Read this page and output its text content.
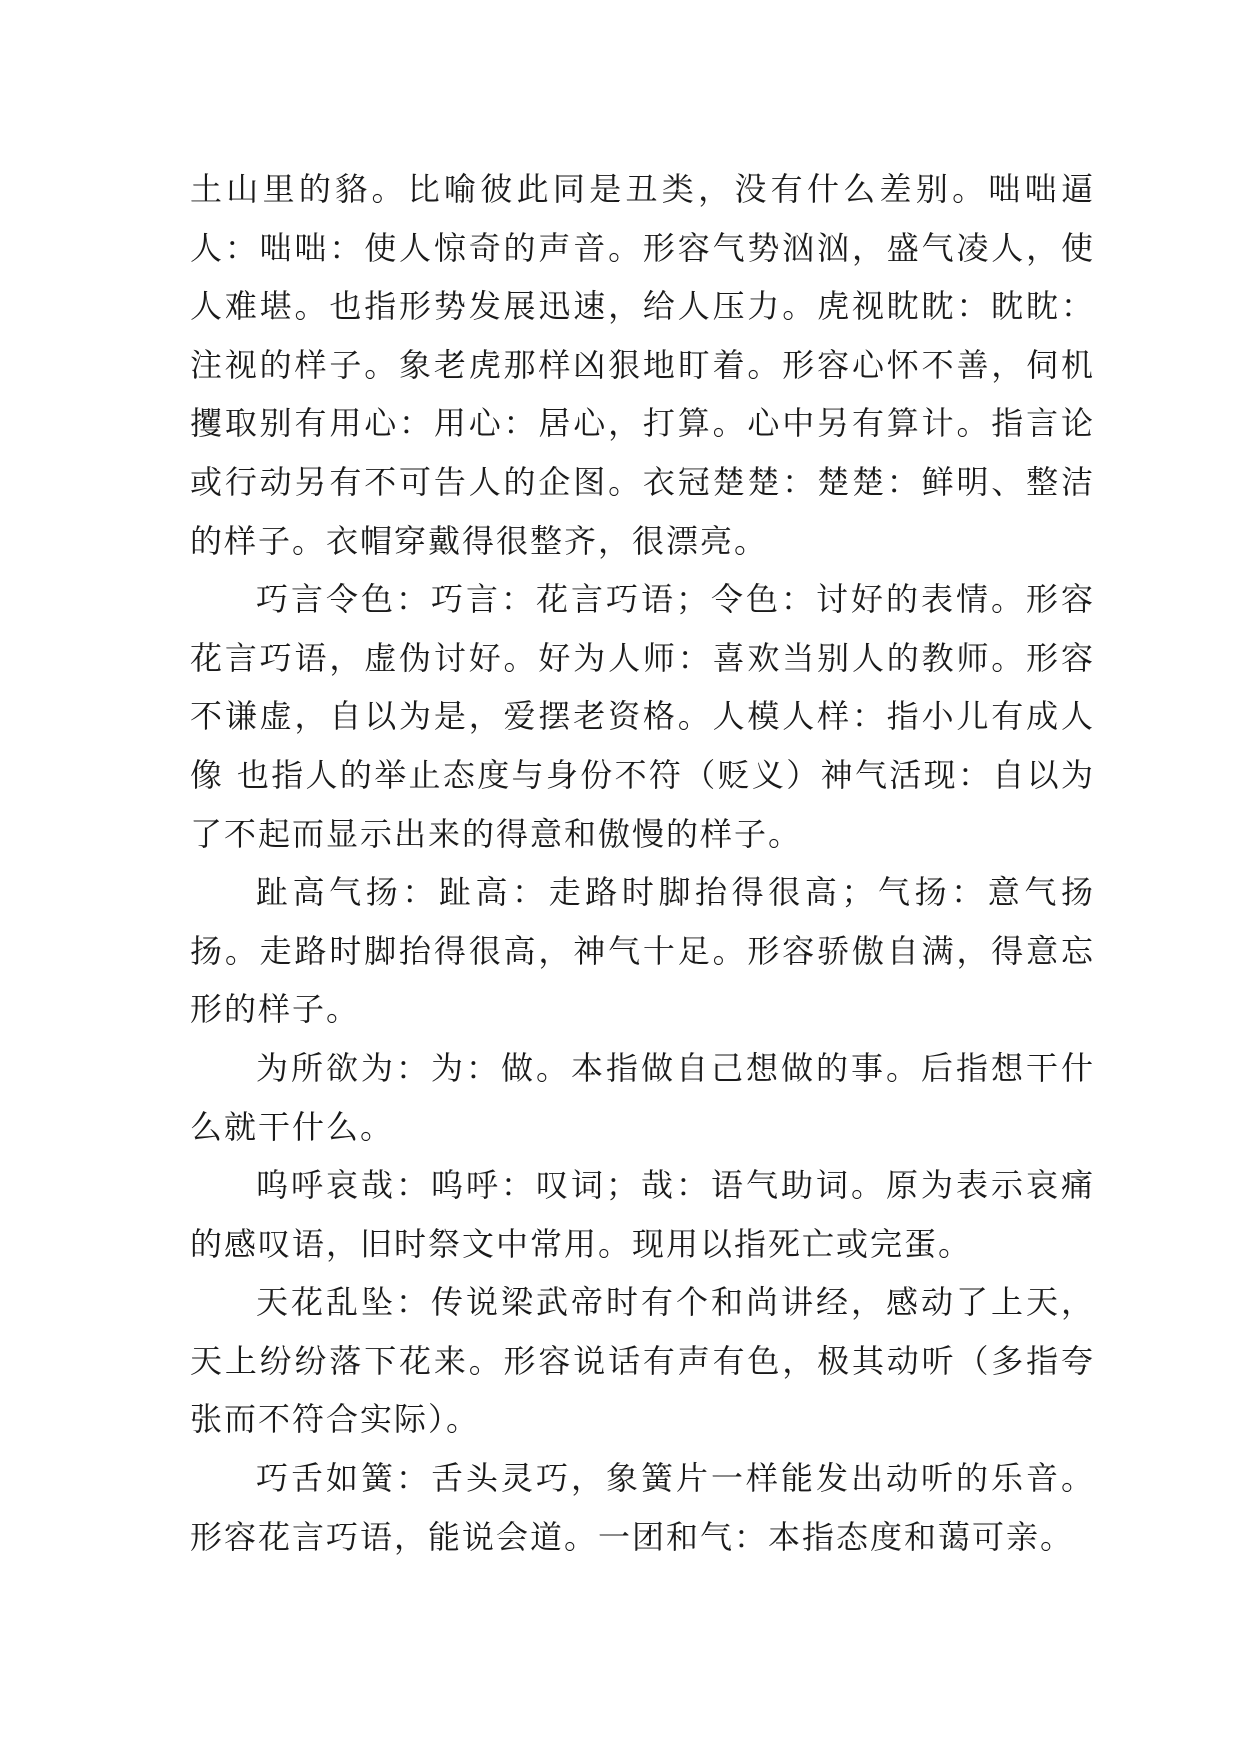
土山里的貉。比喻彼此同是丑类，没有什么差别。咄咄逼人：咄咄：使人惊奇的声音。形容气势汹汹，盛气凌人，使人难堪。也指形势发展迅速，给人压力。虎视眈眈：眈眈：注视的样子。象老虎那样凶狠地盯着。形容心怀不善，伺机攫取别有用心：用心：居心，打算。心中另有算计。指言论或行动另有不可告人的企图。衣冠楚楚：楚楚：鲜明、整洁的样子。衣帽穿戴得很整齐，很漂亮。

巧言令色：巧言：花言巧语；令色：讨好的表情。形容花言巧语，虚伪讨好。好为人师：喜欢当别人的教师。形容不谦虚，自以为是，爱摆老资格。人模人样：指小儿有成人像 也指人的举止态度与身份不符（贬义）神气活现：自以为了不起而显示出来的得意和傲慢的样子。

趾高气扬：趾高：走路时脚抬得很高；气扬：意气扬扬。走路时脚抬得很高，神气十足。形容骄傲自满，得意忘形的样子。

为所欲为：为：做。本指做自己想做的事。后指想干什么就干什么。

呜呼哀哉：呜呼：叹词；哉：语气助词。原为表示哀痛的感叹语，旧时祭文中常用。现用以指死亡或完蛋。

天花乱坠：传说梁武帝时有个和尚讲经，感动了上天，天上纷纷落下花来。形容说话有声有色，极其动听（多指夸张而不符合实际）。

巧舌如簧：舌头灵巧，象簧片一样能发出动听的乐音。形容花言巧语，能说会道。一团和气：本指态度和蔼可亲。
